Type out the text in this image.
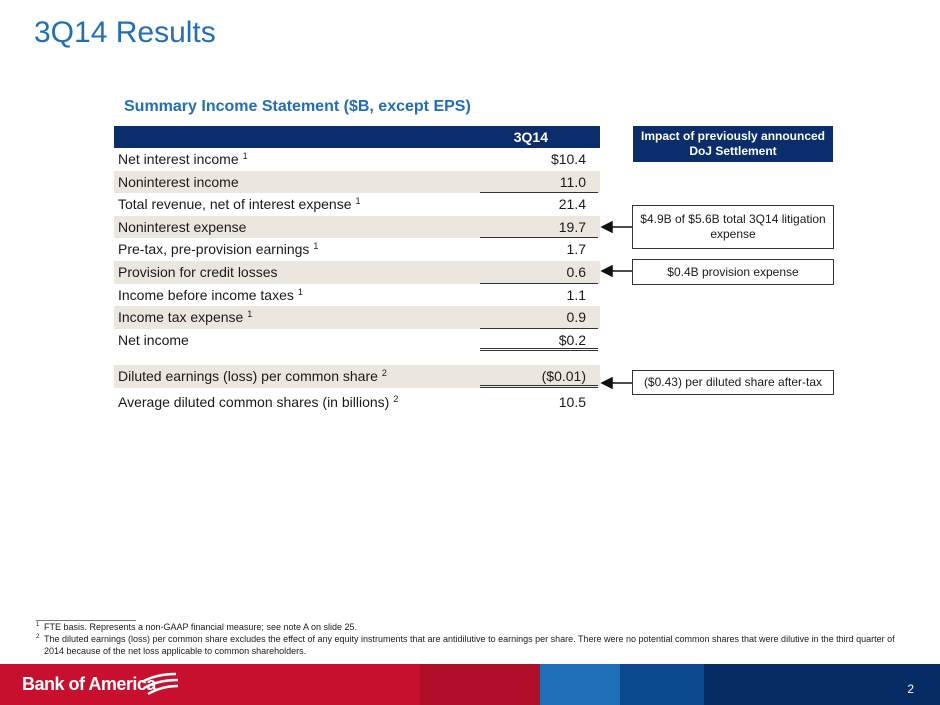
3Q14 Results
Summary Income Statement ($B, except EPS)
3Q14
Net interest income $^1$	$10.4
Noninterest income	11.0
Total revenue, net of interest expense $^1$	21.4
Noninterest expense	19.7
Pre-tax, pre-provision earnings $^1$	1.7
Provision for credit losses	0.6
Income before income taxes $^1$	1.1
Income tax expense $^1$	0.9
Net income	$0.2
Diluted earnings (loss) per common share $^2$	($0.01)
Average diluted common shares (in billions) $^2$	10.5
Impact of previously announced DoJ Settlement
$4.9B of $5.6B total 3Q14 litigation expense
$0.4B provision expense
($0.43) per diluted share after-tax
1 FTE basis. Represents a non-GAAP financial measure; see note A on slide 25.
2 The diluted earnings (loss) per common share excludes the effect of any equity instruments that are antidilutive to earnings per share. There were no potential common shares that were dilutive in the third quarter of 2014 because of the net loss applicable to common shareholders.
Bank of America	2
